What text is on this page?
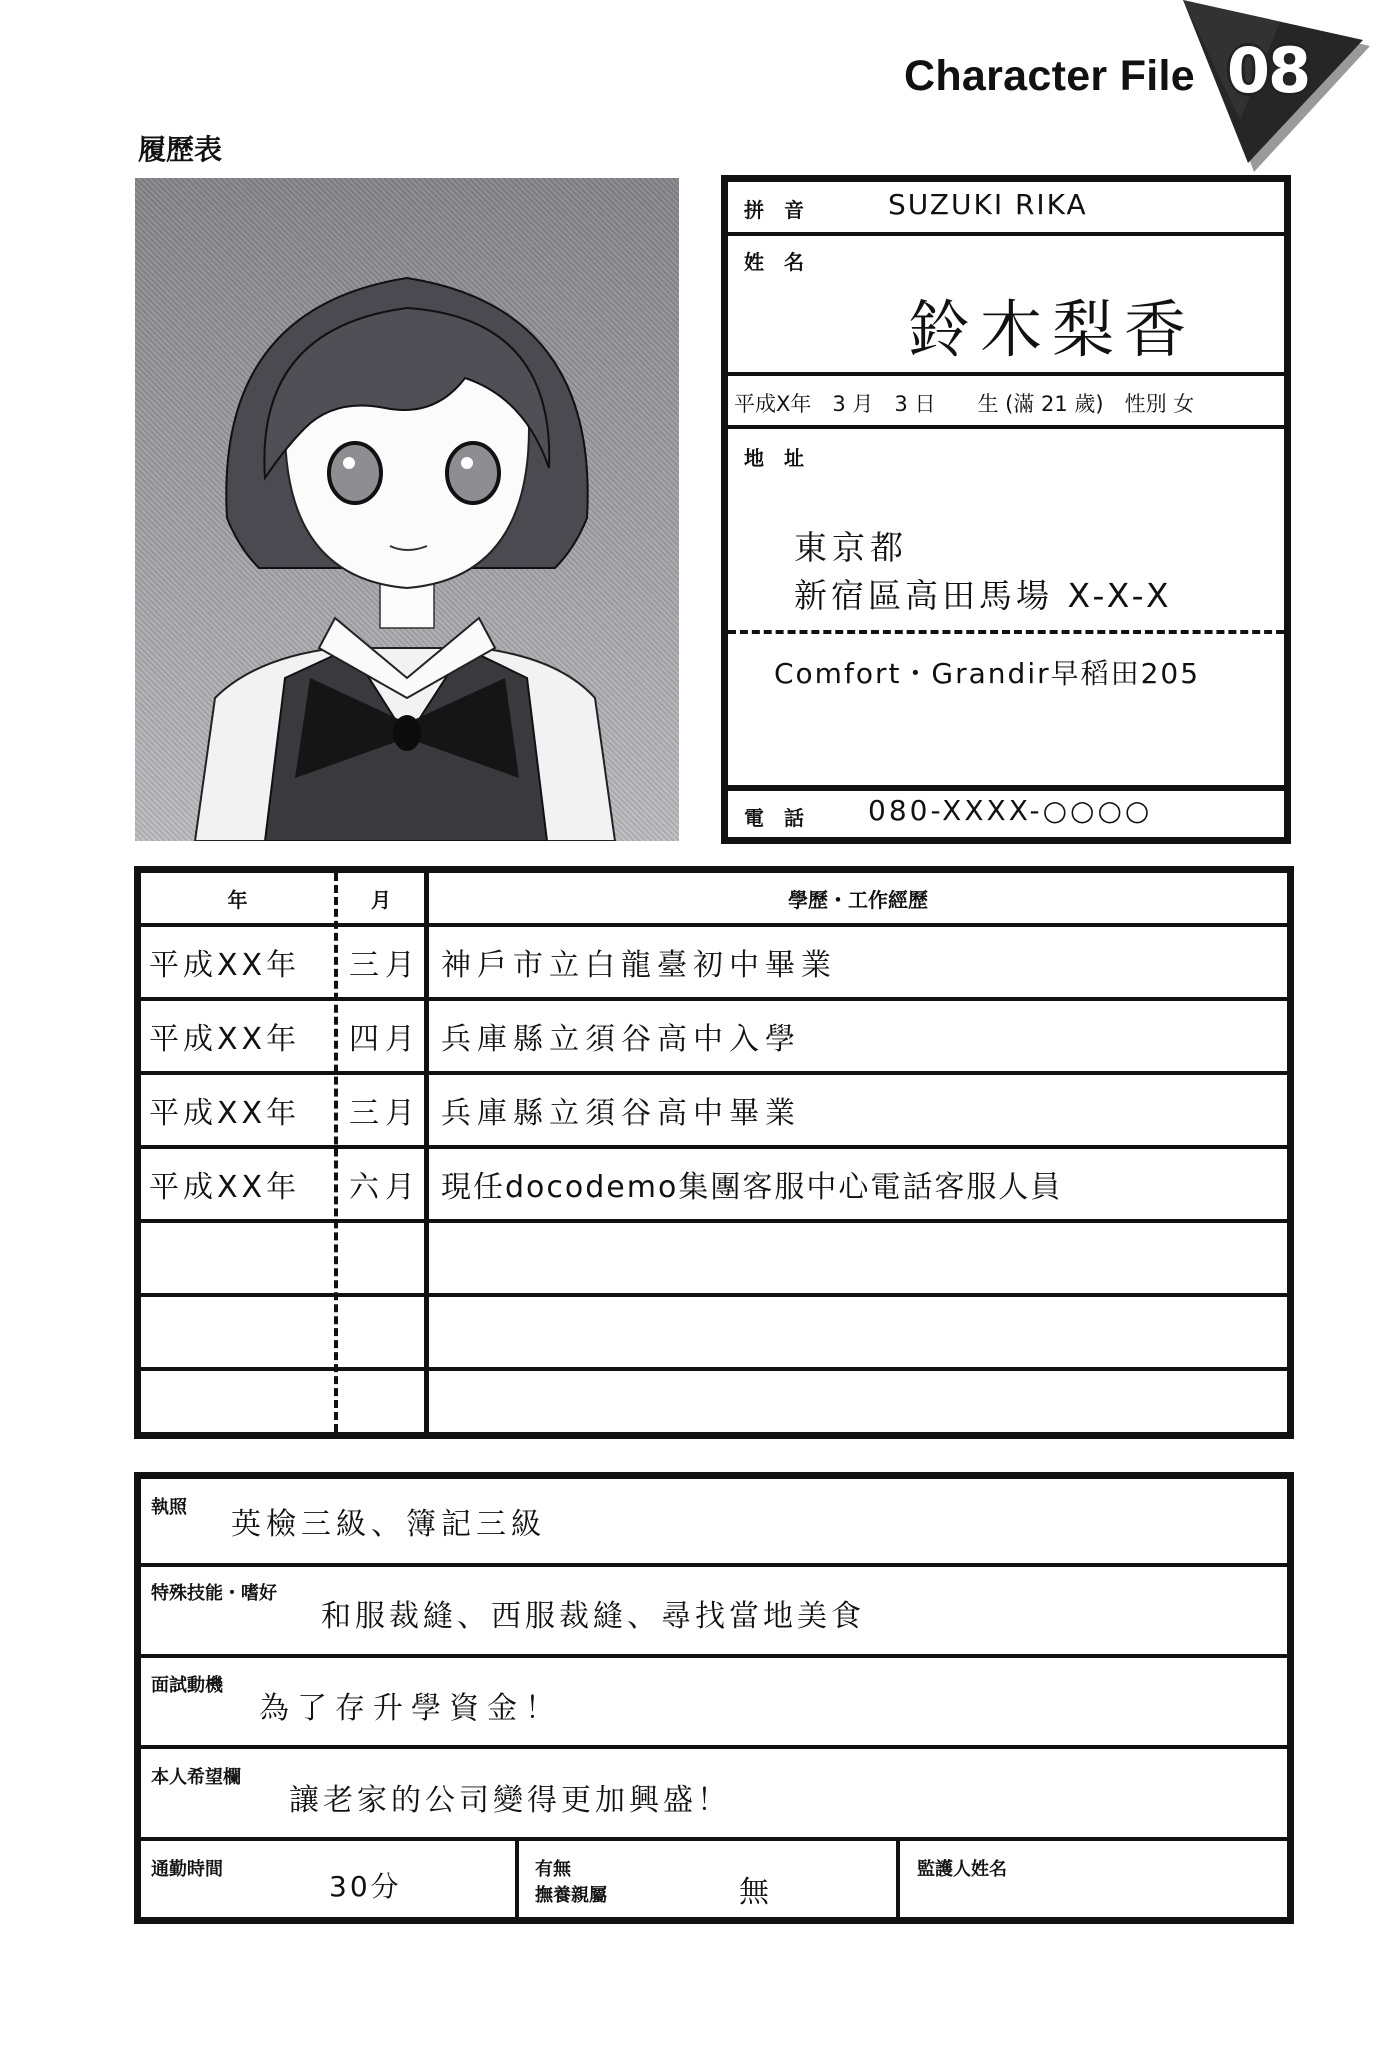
Character File 08
履歷表
拼　音	SUZUKI RIKA
姓　名
鈴木梨香
平成X年　3 月　3 日　　生 (滿 21 歲)　性別 女
地　址
東京都
新宿區高田馬場 X-X-X
Comfort・Grandir早稻田205
電　話 080-XXXX-○○○○
年	月	學歷・工作經歷
平成XX年 三月 神戶市立白龍臺初中畢業
平成XX年 四月 兵庫縣立須谷高中入學
平成XX年 三月 兵庫縣立須谷高中畢業
平成XX年 六月 現任docodemo集團客服中心電話客服人員
執照 英檢三級、簿記三級
特殊技能・嗜好
和服裁縫、西服裁縫、尋找當地美食
面試動機
為了存升學資金！
本人希望欄
讓老家的公司變得更加興盛！
通勤時間
30分
有無
撫養親屬	無
監護人姓名
